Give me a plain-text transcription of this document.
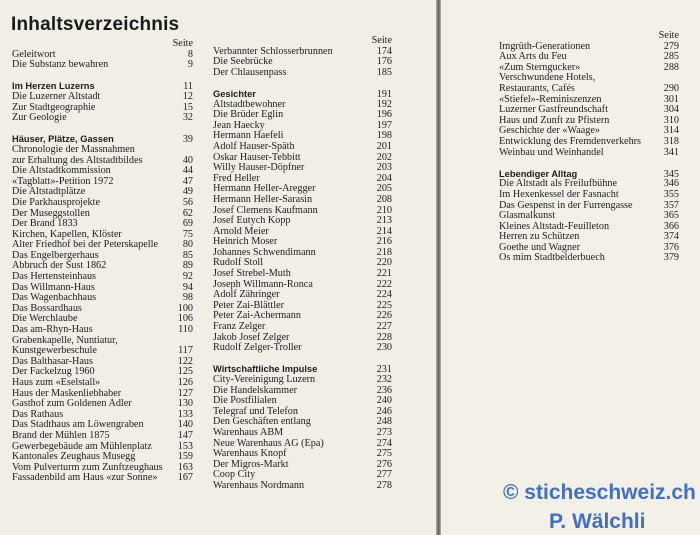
Inhaltsverzeichnis
Seite
Geleitwort	8
Die Substanz bewahren	9
Im Herzen Luzerns	11
Die Luzerner Altstadt	12
Zur Stadtgeographie	15
Zur Geologie	32
Häuser, Plätze, Gassen	39
Chronologie der Massnahmen
zur Erhaltung des Altstadtbildes	40
Die Altstadtkommission	44
«Tagblatt»-Petition 1972	47
Die Altstadtplätze	49
Die Parkhausprojekte	56
Der Museggstollen	62
Der Brand 1833	69
Kirchen, Kapellen, Klöster	75
Alter Friedhof bei der Peterskapelle	80
Das Engelbergerhaus	85
Abbruch der Sust 1862	89
Das Hertensteinhaus	92
Das Willmann-Haus	94
Das Wagenbachhaus	98
Das Bossardhaus	100
Die Werchlaube	106
Das am-Rhyn-Haus	110
Grabenkapelle, Nuntiatur,
Kunstgewerbeschule	117
Das Balthasar-Haus	122
Der Fackelzug 1960	125
Haus zum «Eselstall»	126
Haus der Maskenliebhaber	127
Gasthof zum Goldenen Adler	130
Das Rathaus	133
Das Stadthaus am Löwengraben	140
Brand der Mühlen 1875	147
Gewerbegebäude am Mühlenplatz	153
Kantonales Zeughaus Musegg	159
Vom Pulverturm zum Zunftzeughaus	163
Fassadenbild am Haus «zur Sonne»	167
Seite
Verbannter Schlosserbrunnen	174
Die Seebrücke	176
Der Chlausenpass	185
Gesichter	191
Altstadtbewohner	192
Die Brüder Eglin	196
Jean Haecky	197
Hermann Haefeli	198
Adolf Hauser-Späth	201
Oskar Hauser-Tebbitt	202
Willy Hauser-Döpfner	203
Fred Heller	204
Hermann Heller-Aregger	205
Hermann Heller-Sarasin	208
Josef Clemens Kaufmann	210
Josef Eutych Kopp	213
Arnold Meier	214
Heinrich Moser	216
Johannes Schwendimann	218
Rudolf Stoll	220
Josef Strebel-Muth	221
Joseph Willmann-Ronca	222
Adolf Zähringer	224
Peter Zai-Blättler	225
Peter Zai-Achermann	226
Franz Zelger	227
Jakob Josef Zelger	228
Rudolf Zelger-Troller	230
Wirtschaftliche Impulse	231
City-Vereinigung Luzern	232
Die Handelskammer	236
Die Postfilialen	240
Telegraf und Telefon	246
Den Geschäften entlang	248
Warenhaus ABM	273
Neue Warenhaus AG (Epa)	274
Warenhaus Knopf	275
Der Migros-Markt	276
Coop City	277
Warenhaus Nordmann	278
Seite
Imgrüth-Generationen	279
Aux Arts du Feu	285
«Zum Sterngucker»	288
Verschwundene Hotels,
Restaurants, Cafés	290
«Stiefel»-Reminiszenzen	301
Luzerner Gastfreundschaft	304
Haus und Zunft zu Pfistern	310
Geschichte der «Waage»	314
Entwicklung des Fremdenverkehrs	318
Weinbau und Weinhandel	341
Lebendiger Alltag	345
Die Altstadt als Freilufbühne	346
Im Hexenkessel der Fasnacht	355
Das Gespenst in der Furrengasse	357
Glasmalkunst	365
Kleines Altstadt-Feuilleton	366
Herren zu Schützen	374
Goethe und Wagner	376
Os mim Stadtbelderbuech	379
© sticheschweiz.ch
P. Wälchli
